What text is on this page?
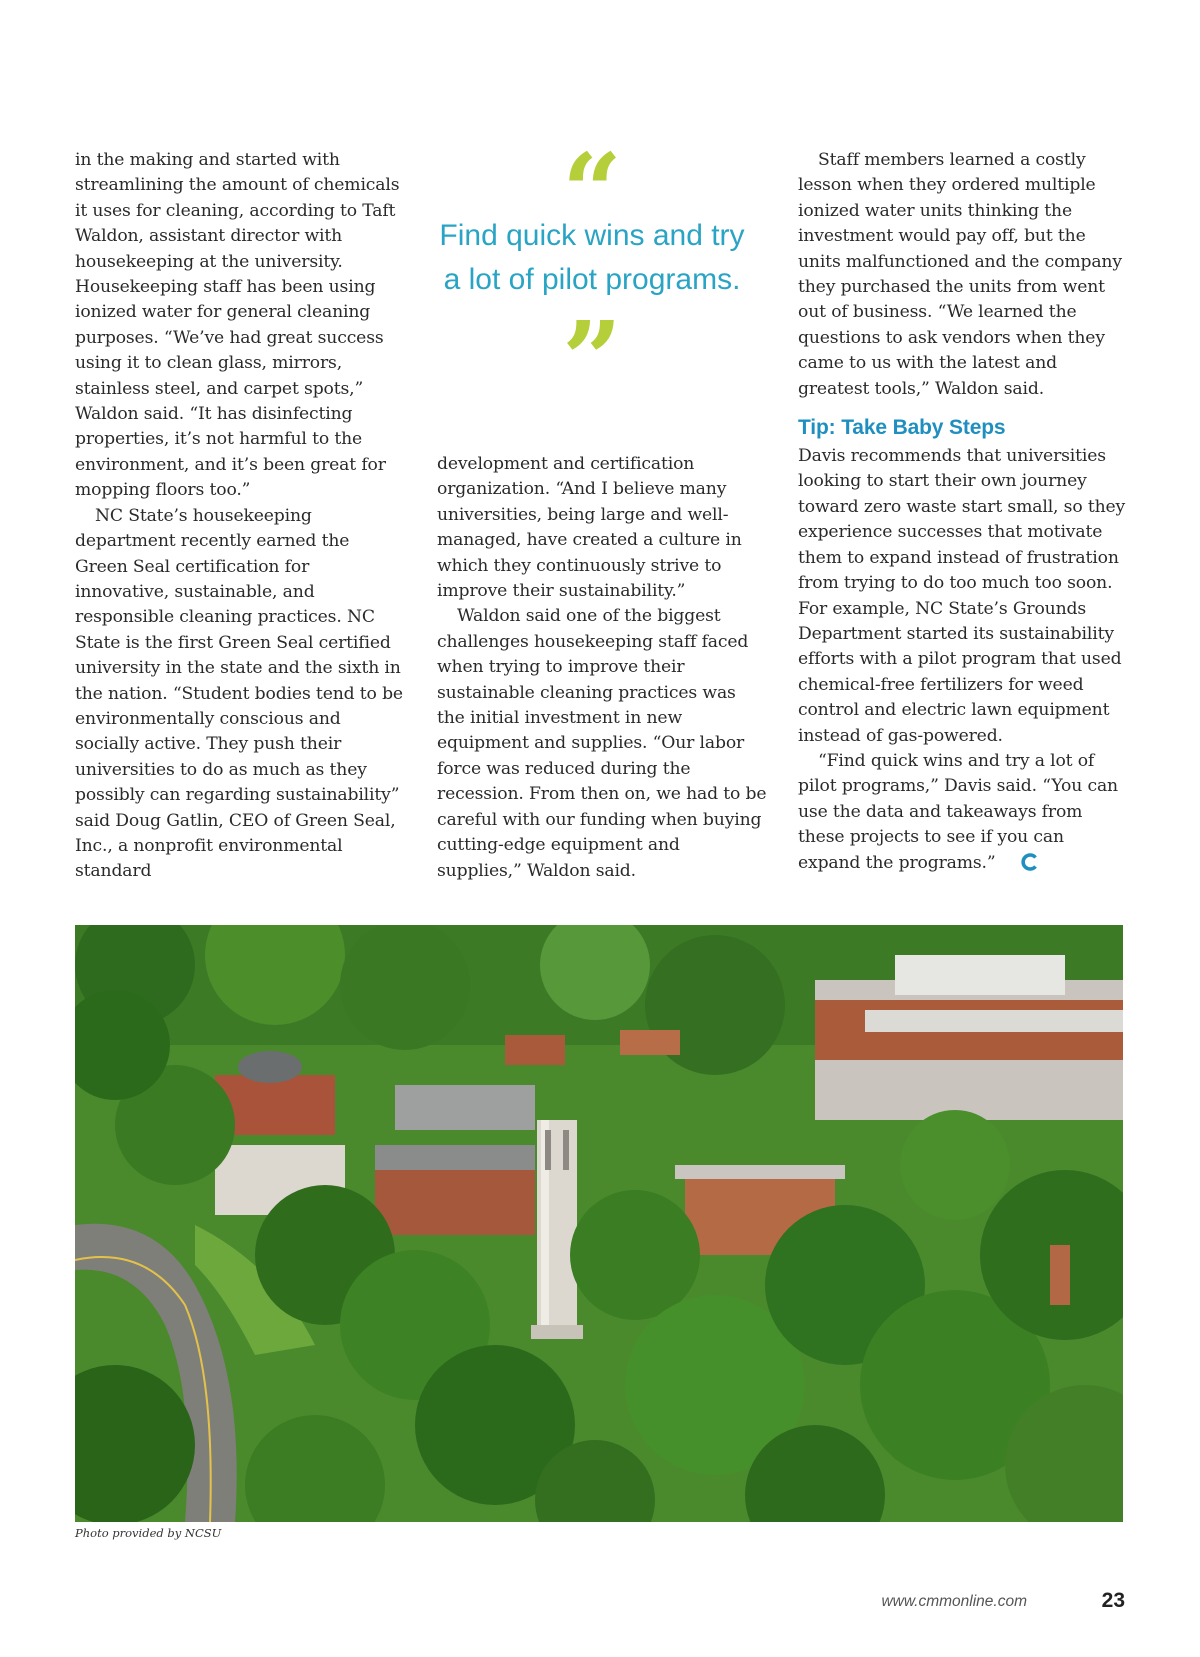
in the making and started with streamlining the amount of chemicals it uses for cleaning, according to Taft Waldon, assistant director with housekeeping at the university. Housekeeping staff has been using ionized water for general cleaning purposes. “We’ve had great success using it to clean glass, mirrors, stainless steel, and carpet spots,” Waldon said. “It has disinfecting properties, it’s not harmful to the environment, and it’s been great for mopping floors too.”

NC State’s housekeeping department recently earned the Green Seal certification for innovative, sustainable, and responsible cleaning practices. NC State is the first Green Seal certified university in the state and the sixth in the nation. “Student bodies tend to be environmentally conscious and socially active. They push their universities to do as much as they possibly can regarding sustainability” said Doug Gatlin, CEO of Green Seal, Inc., a nonprofit environmental standard

“

Find quick wins and try a lot of pilot programs.

”

development and certification organization. “And I believe many universities, being large and well-managed, have created a culture in which they continuously strive to improve their sustainability.”

Waldon said one of the biggest challenges housekeeping staff faced when trying to improve their sustainable cleaning practices was the initial investment in new equipment and supplies. “Our labor force was reduced during the recession. From then on, we had to be careful with our funding when buying cutting-edge equipment and supplies,” Waldon said.

Staff members learned a costly lesson when they ordered multiple ionized water units thinking the investment would pay off, but the units malfunctioned and the company they purchased the units from went out of business. “We learned the questions to ask vendors when they came to us with the latest and greatest tools,” Waldon said.

Tip: Take Baby Steps

Davis recommends that universities looking to start their own journey toward zero waste start small, so they experience successes that motivate them to expand instead of frustration from trying to do too much too soon. For example, NC State’s Grounds Department started its sustainability efforts with a pilot program that used chemical-free fertilizers for weed control and electric lawn equipment instead of gas-powered.

“Find quick wins and try a lot of pilot programs,” Davis said. “You can use the data and takeaways from these projects to see if you can expand the programs.”

Photo provided by NCSU
www.cmmonline.com	23
